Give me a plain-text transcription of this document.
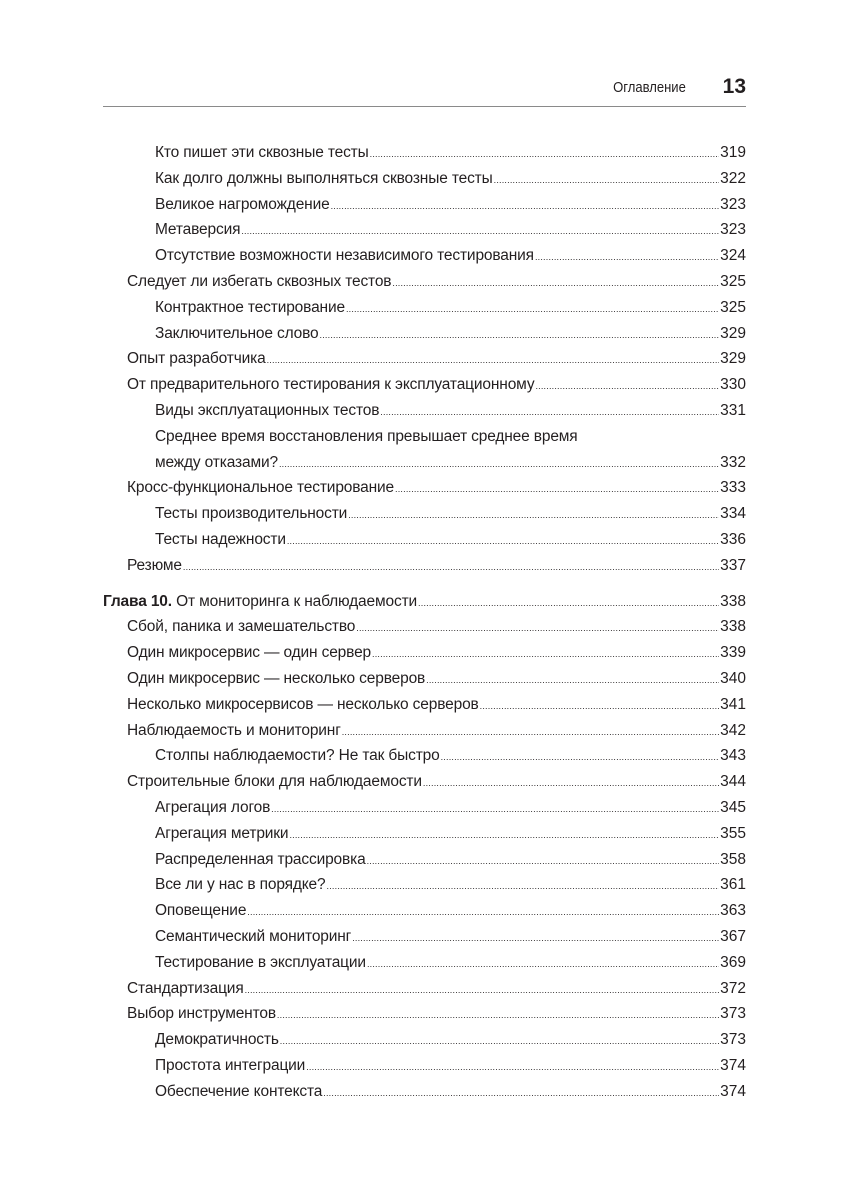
Оглавление 13
Кто пишет эти сквозные тесты .....	319
Как долго должны выполняться сквозные тесты .....	322
Великое нагромождение .....	323
Метаверсия .....	323
Отсутствие возможности независимого тестирования .....	324
Следует ли избегать сквозных тестов .....	325
Контрактное тестирование .....	325
Заключительное слово .....	329
Опыт разработчика .....	329
От предварительного тестирования к эксплуатационному .....	330
Виды эксплуатационных тестов .....	331
Среднее время восстановления превышает среднее время
между отказами? .....	332
Кросс-функциональное тестирование .....	333
Тесты производительности .....	334
Тесты надежности .....	336
Резюме .....	337
Глава 10. От мониторинга к наблюдаемости .....	338
Сбой, паника и замешательство .....	338
Один микросервис — один сервер .....	339
Один микросервис — несколько серверов .....	340
Несколько микросервисов — несколько серверов .....	341
Наблюдаемость и мониторинг .....	342
Столпы наблюдаемости? Не так быстро .....	343
Строительные блоки для наблюдаемости .....	344
Агрегация логов .....	345
Агрегация метрики .....	355
Распределенная трассировка .....	358
Все ли у нас в порядке? .....	361
Оповещение .....	363
Семантический мониторинг .....	367
Тестирование в эксплуатации .....	369
Стандартизация .....	372
Выбор инструментов .....	373
Демократичность .....	373
Простота интеграции .....	374
Обеспечение контекста .....	374
